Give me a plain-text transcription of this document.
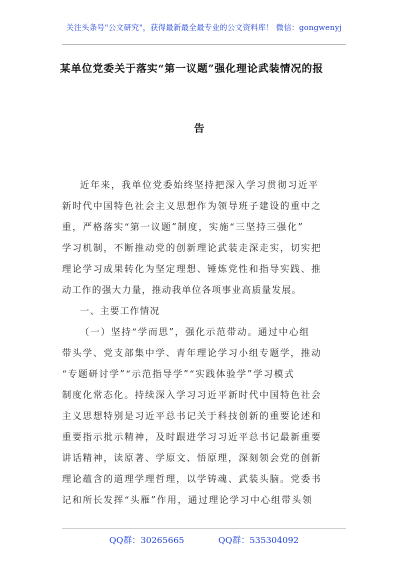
关注头条号"公文研究"，获得最新最全最专业的公文资料库！ 微信：gongwenyj
某单位党委关于落实“第一议题”强化理论武装情况的报
告
近年来，我单位党委始终坚持把深入学习贯彻习近平
新时代中国特色社会主义思想作为领导班子建设的重中之
重，严格落实“第一议题”制度，实施“三坚持三强化”
学习机制，不断推动党的创新理论武装走深走实，切实把
理论学习成果转化为坚定理想、锤炼党性和指导实践、推
动工作的强大力量，推动我单位各项事业高质量发展。
一、主要工作情况
（一）坚持“学而思”，强化示范带动。通过中心组
带头学、党支部集中学、青年理论学习小组专题学，推动
“专题研讨学”“示范指导学”“实践体验学”学习模式
制度化常态化。持续深入学习习近平新时代中国特色社会
主义思想特别是习近平总书记关于科技创新的重要论述和
重要指示批示精神，及时跟进学习习近平总书记最新重要
讲话精神，读原著、学原文、悟原理，深刻领会党的创新
理论蕴含的道理学理哲理，以学铸魂、武装头脑。党委书
记和所长发挥“头雁”作用，通过理论学习中心组带头领
QQ群：30265665	QQ群：535304092
